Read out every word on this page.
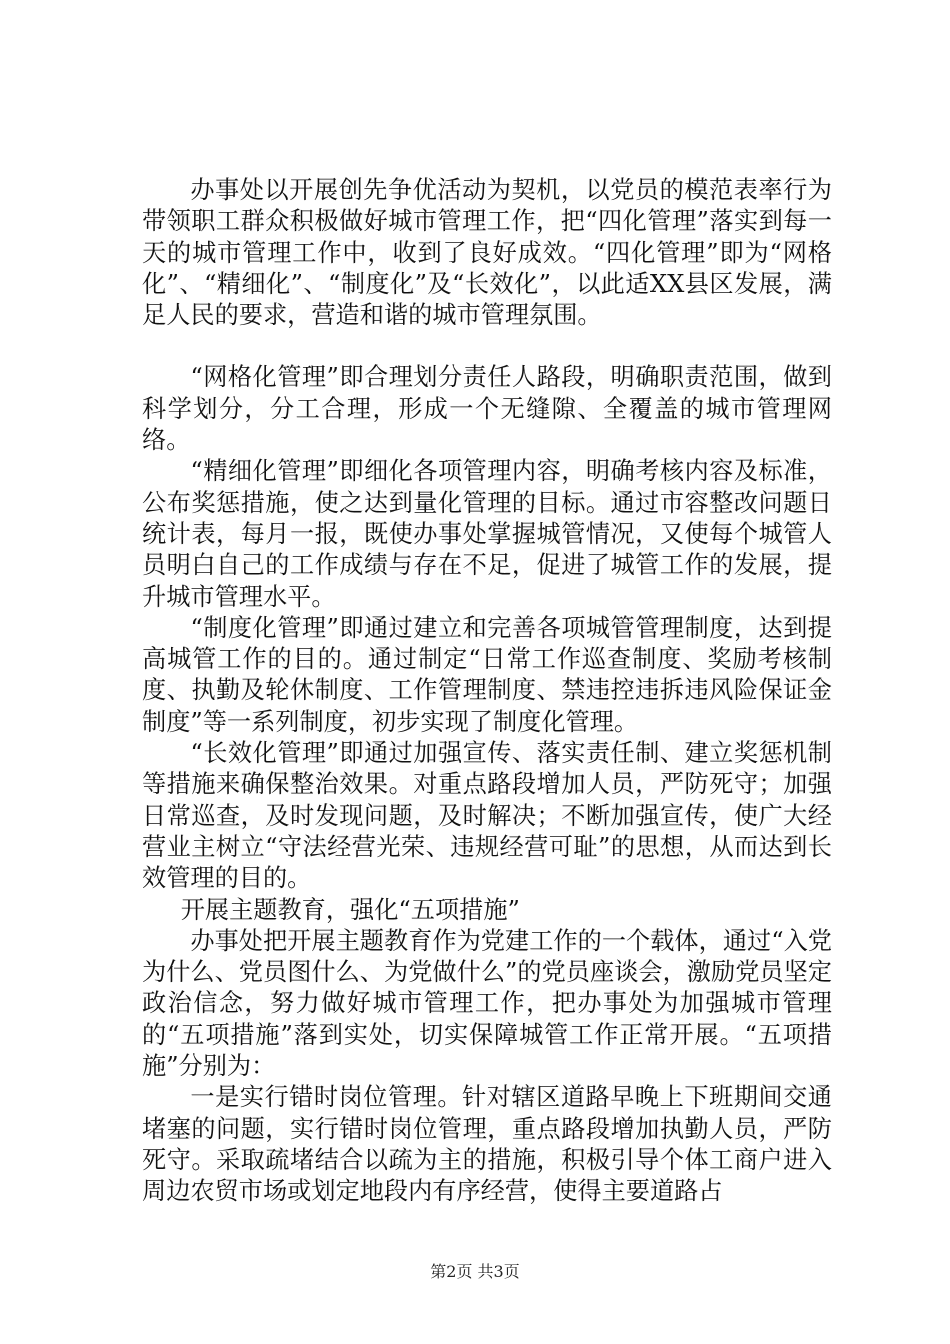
办事处以开展创先争优活动为契机，以党员的模范表率行为带领职工群众积极做好城市管理工作，把“四化管理”落实到每一天的城市管理工作中，收到了良好成效。“四化管理”即为“网格化”、“精细化”、“制度化”及“长效化”，以此适XX县区发展，满足人民的要求，营造和谐的城市管理氛围。

“网格化管理”即合理划分责任人路段，明确职责范围，做到科学划分，分工合理，形成一个无缝隙、全覆盖的城市管理网络。

“精细化管理”即细化各项管理内容，明确考核内容及标准，公布奖惩措施，使之达到量化管理的目标。通过市容整改问题日统计表，每月一报，既使办事处掌握城管情况，又使每个城管人员明白自己的工作成绩与存在不足，促进了城管工作的发展，提升城市管理水平。

“制度化管理”即通过建立和完善各项城管管理制度，达到提高城管工作的目的。通过制定“日常工作巡查制度、奖励考核制度、执勤及轮休制度、工作管理制度、禁违控违拆违风险保证金制度”等一系列制度，初步实现了制度化管理。

“长效化管理”即通过加强宣传、落实责任制、建立奖惩机制等措施来确保整治效果。对重点路段增加人员，严防死守；加强日常巡查，及时发现问题，及时解决；不断加强宣传，使广大经营业主树立“守法经营光荣、违规经营可耻”的思想，从而达到长效管理的目的。

开展主题教育，强化“五项措施”

办事处把开展主题教育作为党建工作的一个载体，通过“入党为什么、党员图什么、为党做什么”的党员座谈会，激励党员坚定政治信念，努力做好城市管理工作，把办事处为加强城市管理的“五项措施”落到实处，切实保障城管工作正常开展。“五项措施”分别为：

一是实行错时岗位管理。针对辖区道路早晚上下班期间交通堵塞的问题，实行错时岗位管理，重点路段增加执勤人员，严防死守。采取疏堵结合以疏为主的措施，积极引导个体工商户进入周边农贸市场或划定地段内有序经营，使得主要道路占

第2页 共3页
